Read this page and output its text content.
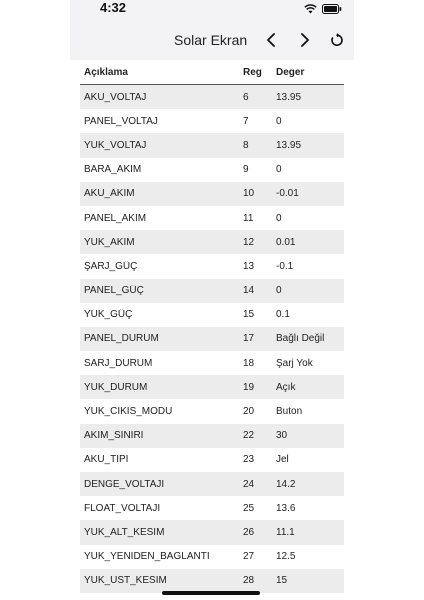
4:32
Solar Ekran
Açıklama	Reg	Deger
AKU_VOLTAJ	6	13.95
PANEL_VOLTAJ	7	0
YUK_VOLTAJ	8	13.95
BARA_AKIM	9	0
AKU_AKIM	10	-0.01
PANEL_AKIM	11	0
YUK_AKIM	12	0.01
ŞARJ_GÜÇ	13	-0.1
PANEL_GÜÇ	14	0
YUK_GÜÇ	15	0.1
PANEL_DURUM	17	Bağlı Değil
SARJ_DURUM	18	Şarj Yok
YUK_DURUM	19	Açık
YUK_CIKIS_MODU	20	Buton
AKIM_SINIRI	22	30
AKU_TIPI	23	Jel
DENGE_VOLTAJI	24	14.2
FLOAT_VOLTAJI	25	13.6
YUK_ALT_KESIM	26	11.1
YUK_YENIDEN_BAGLANTI	27	12.5
YUK_UST_KESIM	28	15
